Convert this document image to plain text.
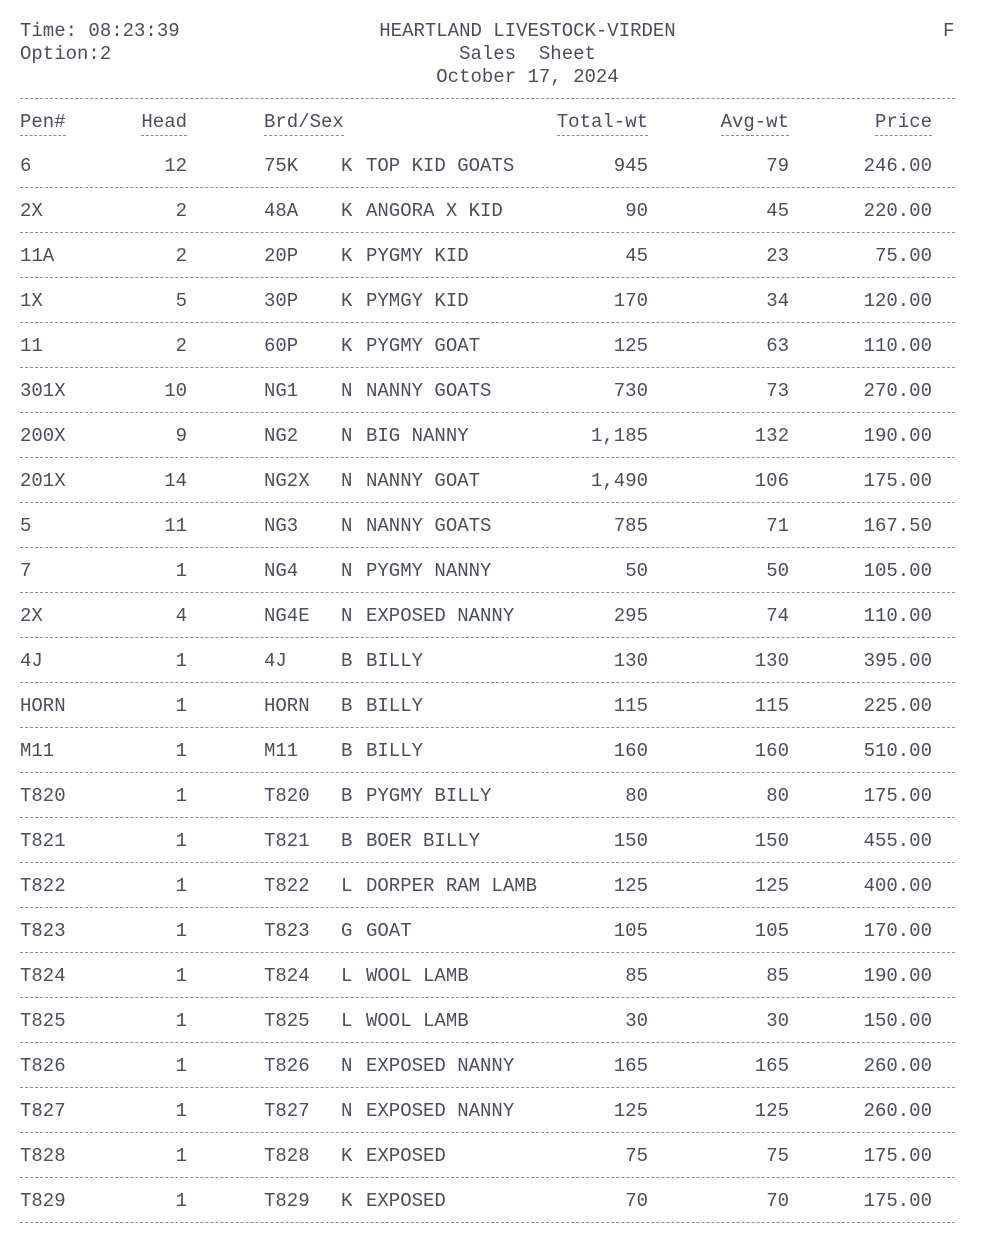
Time: 08:23:39
Option:2
HEARTLAND LIVESTOCK-VIRDEN
Sales  Sheet
October 17, 2024
F
Pen#	Head	Brd/Sex	Total-wt	Avg-wt	Price
6	12	75K K TOP KID GOATS	945	79	246.00
2X	2	48A K ANGORA X KID	90	45	220.00
11A	2	20P K PYGMY KID	45	23	75.00
1X	5	30P K PYMGY KID	170	34	120.00
11	2	60P K PYGMY GOAT	125	63	110.00
301X	10	NG1 N NANNY GOATS	730	73	270.00
200X	9	NG2 N BIG NANNY	1,185	132	190.00
201X	14	NG2X N NANNY GOAT	1,490	106	175.00
5	11	NG3 N NANNY GOATS	785	71	167.50
7	1	NG4 N PYGMY NANNY	50	50	105.00
2X	4	NG4E N EXPOSED NANNY	295	74	110.00
4J	1	4J	B BILLY	130	130	395.00
HORN	1	HORN B BILLY	115	115	225.00
M11	1	M11 B BILLY	160	160	510.00
T820	1	T820 B PYGMY BILLY	80	80	175.00
T821	1	T821 B BOER BILLY	150	150	455.00
T822	1	T822 L DORPER RAM LAMB	125	125	400.00
T823	1	T823 G GOAT	105	105	170.00
T824	1	T824 L WOOL LAMB	85	85	190.00
T825	1	T825 L WOOL LAMB	30	30	150.00
T826	1	T826 N EXPOSED NANNY	165	165	260.00
T827	1	T827 N EXPOSED NANNY	125	125	260.00
T828	1	T828 K EXPOSED	75	75	175.00
T829	1	T829 K EXPOSED	70	70	175.00
